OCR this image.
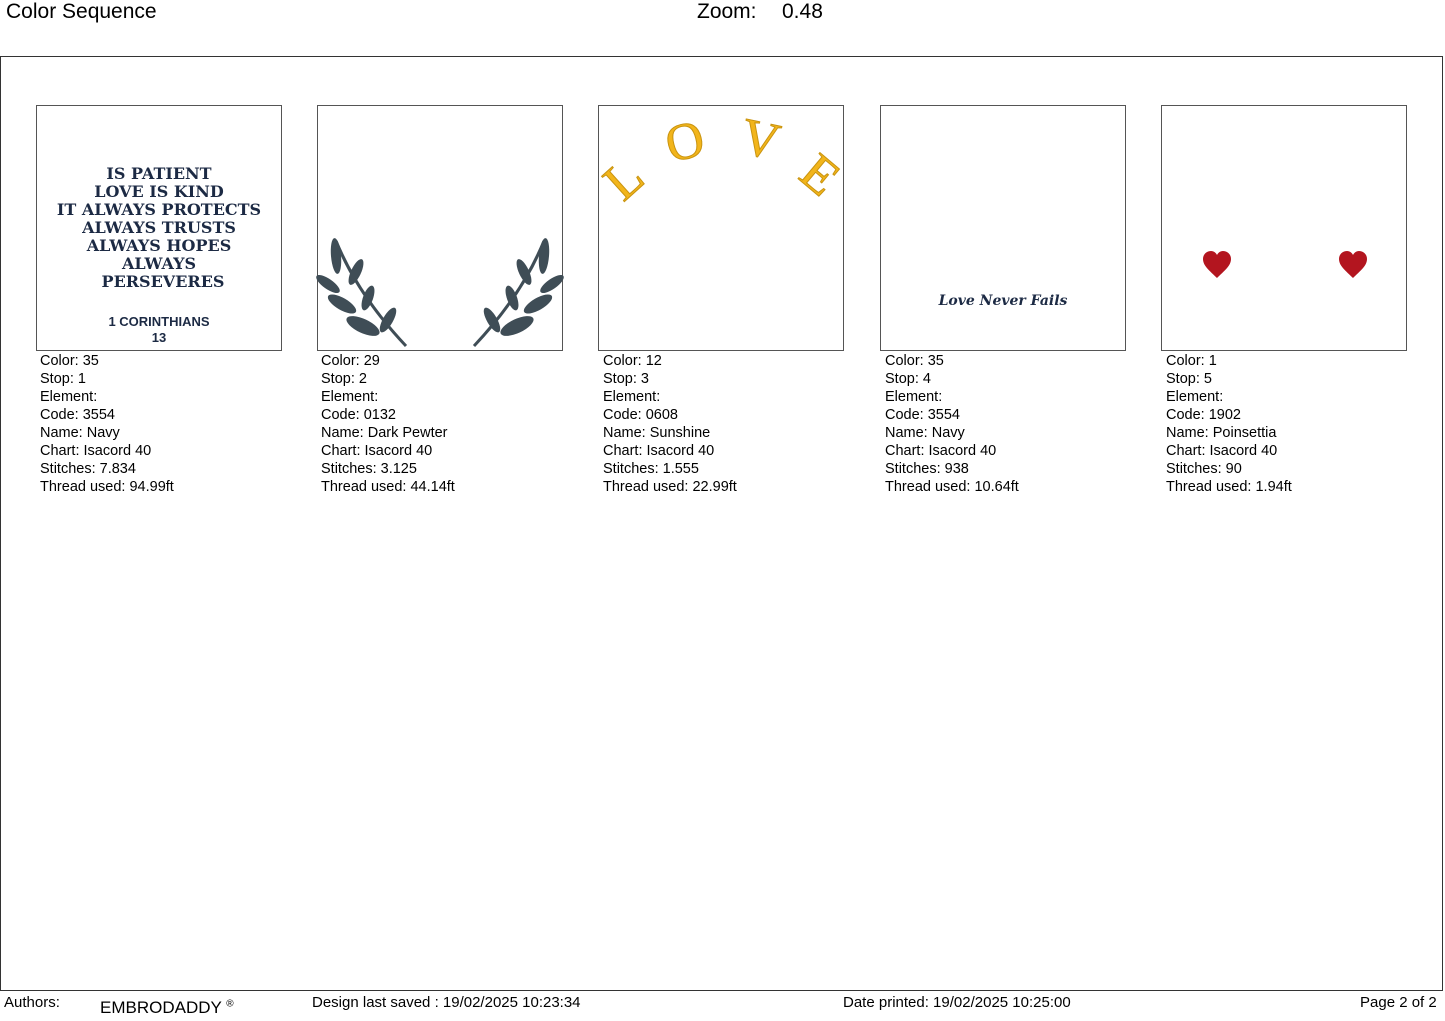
Color Sequence	Zoom: 0.48
IS PATIENT
LOVE IS KIND
IT ALWAYS PROTECTS
ALWAYS TRUSTS
ALWAYS HOPES
ALWAYS
PERSEVERES
1 CORINTHIANS
13
Color: 35
Stop: 1
Element:
Code: 3554
Name: Navy
Chart: Isacord 40
Stitches: 7.834
Thread used: 94.99ft
Color: 29
Stop: 2
Element:
Code: 0132
Name: Dark Pewter
Chart: Isacord 40
Stitches: 3.125
Thread used: 44.14ft
L
O V
E
Color: 12
Stop: 3
Element:
Code: 0608
Name: Sunshine
Chart: Isacord 40
Stitches: 1.555
Thread used: 22.99ft
Love Never Fails
Color: 35
Stop: 4
Element:
Code: 3554
Name: Navy
Chart: Isacord 40
Stitches: 938
Thread used: 10.64ft
Color: 1
Stop: 5
Element:
Code: 1902
Name: Poinsettia
Chart: Isacord 40
Stitches: 90
Thread used: 1.94ft
Authors: EMBRODADDY ®	Design last saved : 19/02/2025 10:23:34	Date printed: 19/02/2025 10:25:00	Page 2 of 2
